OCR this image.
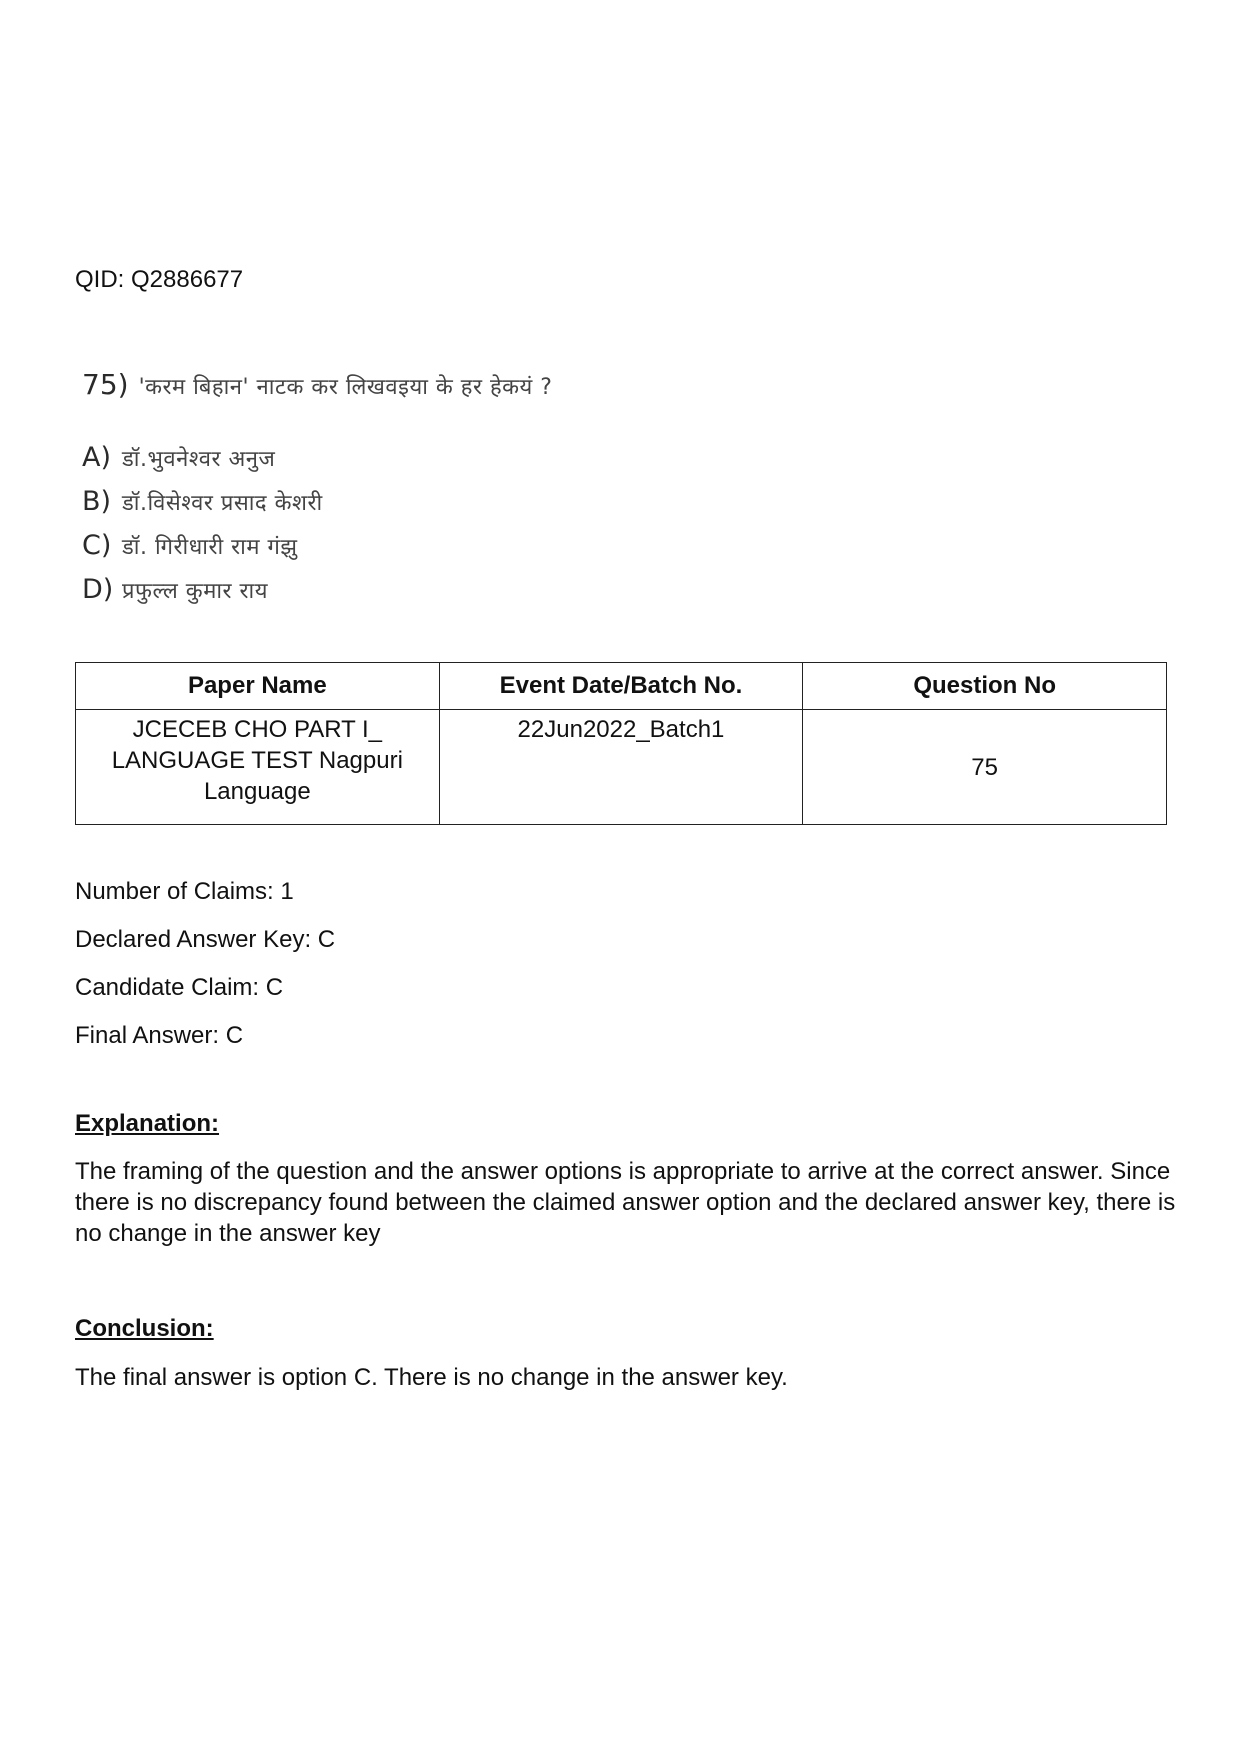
QID: Q2886677
75) 'करम बिहान' नाटक कर लिखवइया के हर हेकयं ?
A) डॉ.भुवनेश्वर अनुज
B) डॉ.विसेश्वर प्रसाद केशरी
C) डॉ. गिरीधारी राम गंझु
D) प्रफुल्ल कुमार राय
Paper Name	Event Date/Batch No.	Question No

JCECEB CHO PART I_
LANGUAGE TEST Nagpuri
Language	22Jun2022_Batch1	75
Number of Claims: 1
Declared Answer Key: C
Candidate Claim: C
Final Answer: C
Explanation:
The framing of the question and the answer options is appropriate to arrive at the correct answer. Since there is no discrepancy found between the claimed answer option and the declared answer key, there is no change in the answer key
Conclusion:
The final answer is option C. There is no change in the answer key.
